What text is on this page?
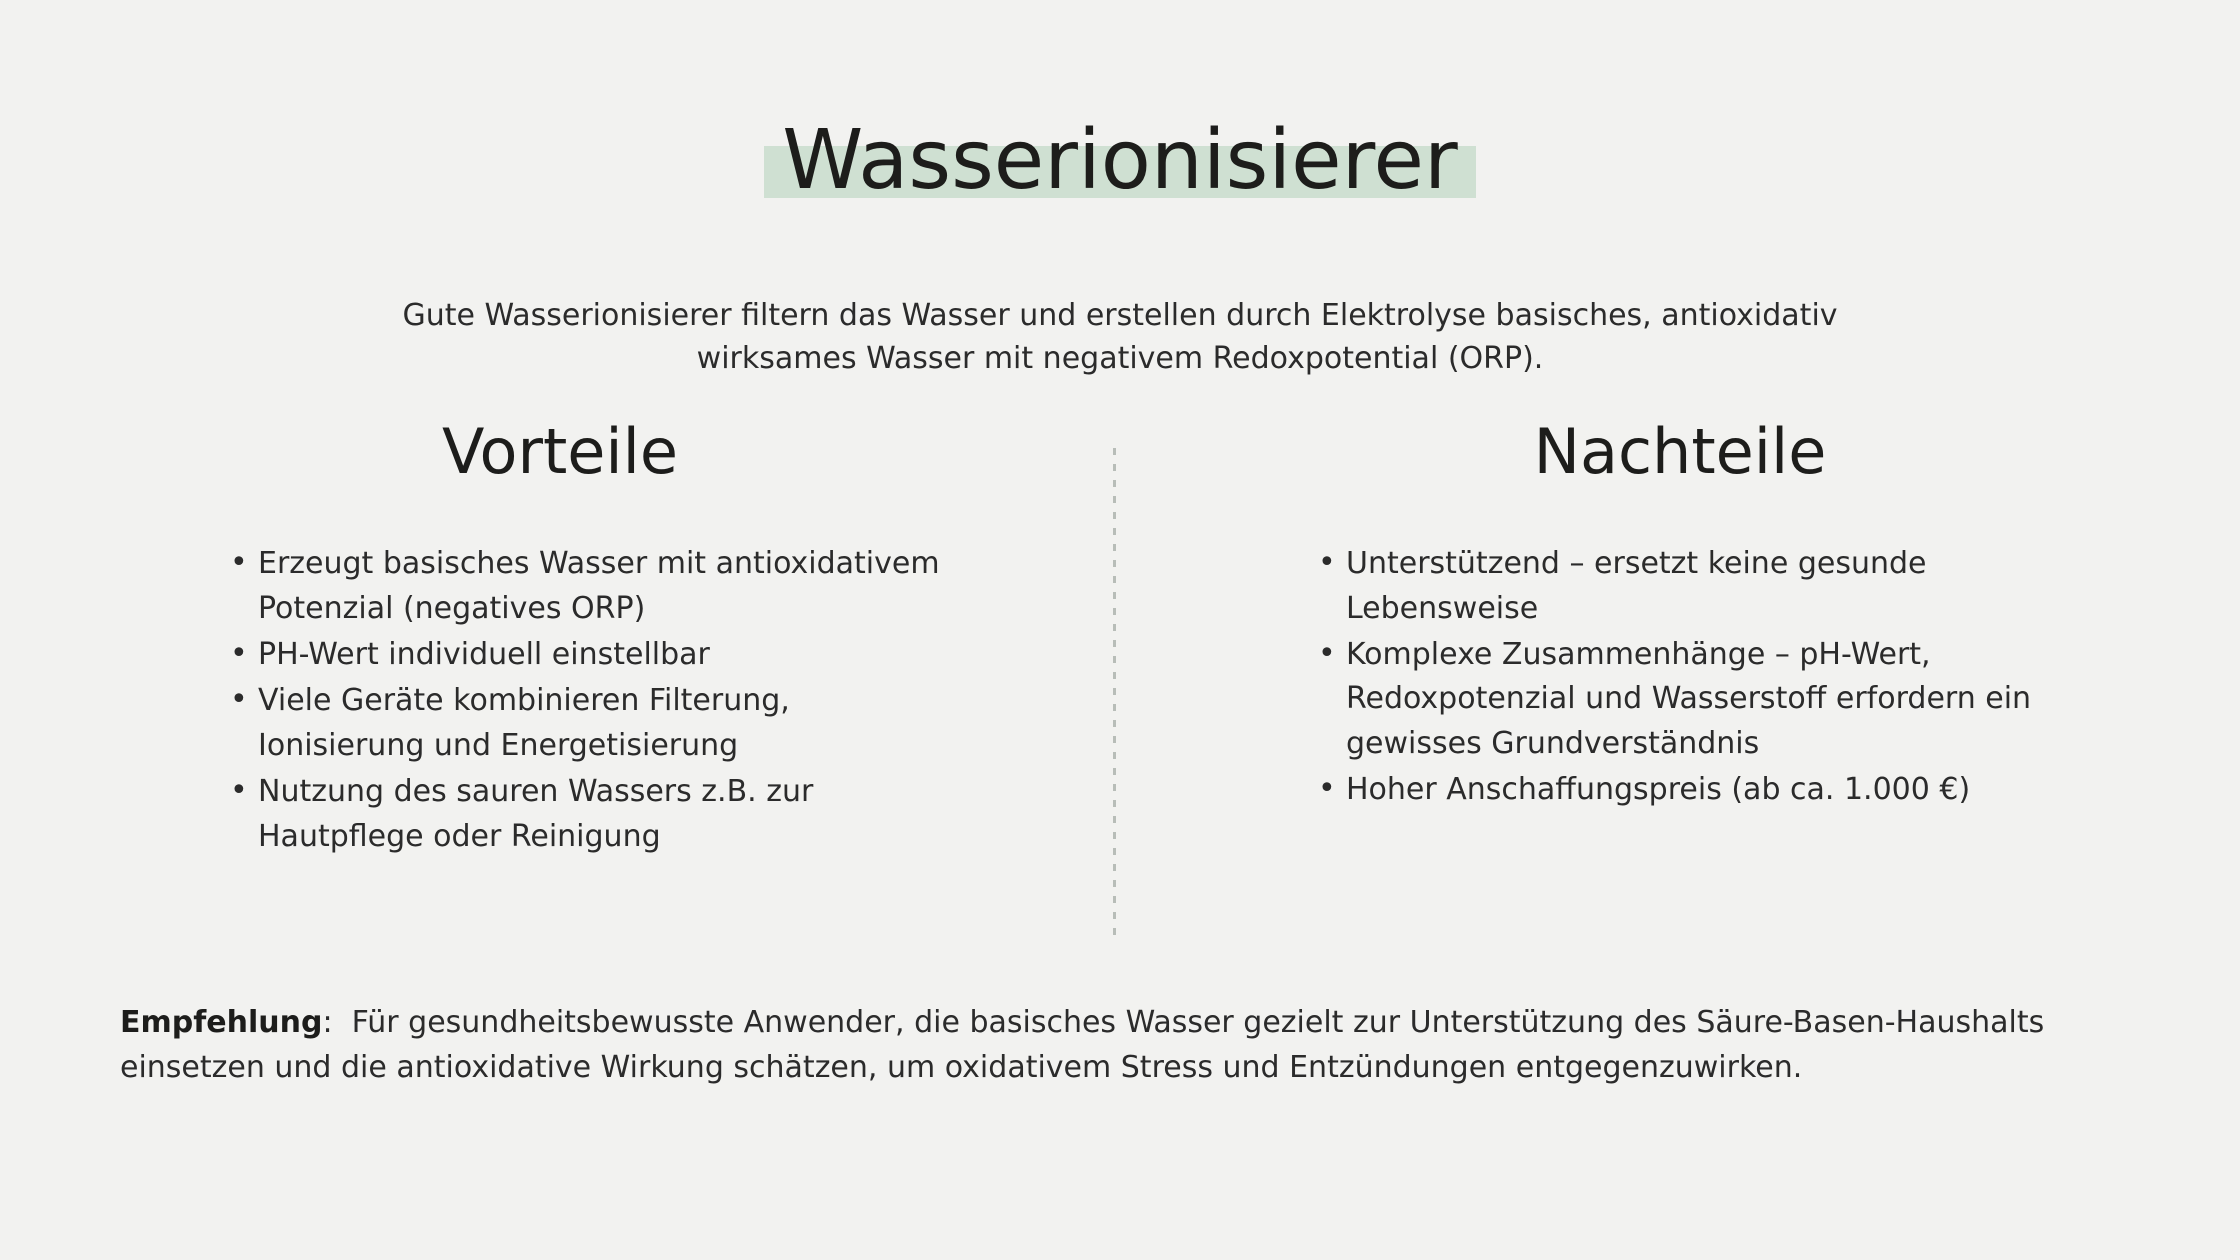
Wasserionisierer
Gute Wasserionisierer filtern das Wasser und erstellen durch Elektrolyse basisches, antioxidativ wirksames Wasser mit negativem Redoxpotential (ORP).
Vorteile
• Erzeugt basisches Wasser mit antioxidativem Potenzial (negatives ORP)
• PH-Wert individuell einstellbar
• Viele Geräte kombinieren Filterung, Ionisierung und Energetisierung
• Nutzung des sauren Wassers z.B. zur Hautpflege oder Reinigung
Nachteile
• Unterstützend – ersetzt keine gesunde Lebensweise
• Komplexe Zusammenhänge – pH-Wert, Redoxpotenzial und Wasserstoff erfordern ein gewisses Grundverständnis
• Hoher Anschaffungspreis (ab ca. 1.000 €)
Empfehlung: Für gesundheitsbewusste Anwender, die basisches Wasser gezielt zur Unterstützung des Säure-Basen-Haushalts einsetzen und die antioxidative Wirkung schätzen, um oxidativem Stress und Entzündungen entgegenzuwirken.
